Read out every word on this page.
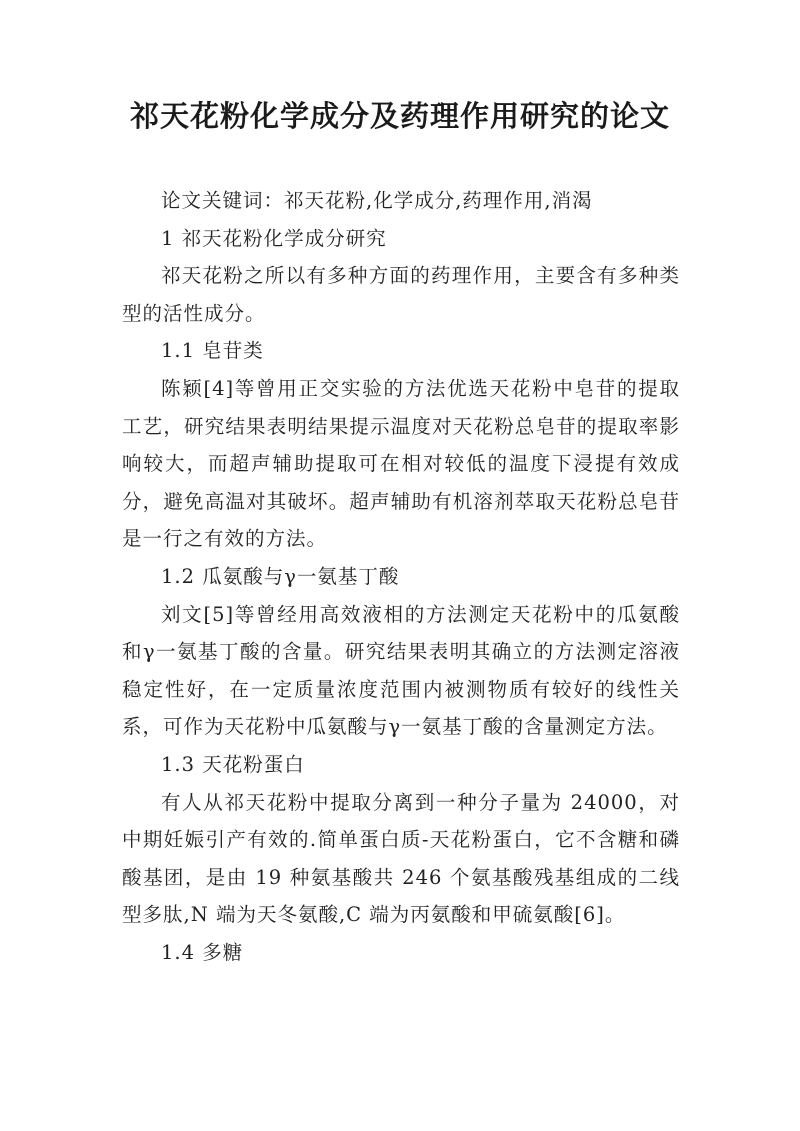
祁天花粉化学成分及药理作用研究的论文

论文关键词：祁天花粉,化学成分,药理作用,消渴

1 祁天花粉化学成分研究

祁天花粉之所以有多种方面的药理作用，主要含有多种类型的活性成分。

1.1 皂苷类

陈颖[4]等曾用正交实验的方法优选天花粉中皂苷的提取工艺，研究结果表明结果提示温度对天花粉总皂苷的提取率影响较大，而超声辅助提取可在相对较低的温度下浸提有效成分，避免高温对其破坏。超声辅助有机溶剂萃取天花粉总皂苷是一行之有效的方法。

1.2 瓜氨酸与γ一氨基丁酸

刘文[5]等曾经用高效液相的方法测定天花粉中的瓜氨酸和γ一氨基丁酸的含量。研究结果表明其确立的方法测定溶液稳定性好，在一定质量浓度范围内被测物质有较好的线性关系，可作为天花粉中瓜氨酸与γ一氨基丁酸的含量测定方法。

1.3 天花粉蛋白

有人从祁天花粉中提取分离到一种分子量为 24000，对中期妊娠引产有效的.简单蛋白质-天花粉蛋白，它不含糖和磷酸基团，是由 19 种氨基酸共 246 个氨基酸残基组成的二线型多肽,N 端为天冬氨酸,C 端为丙氨酸和甲硫氨酸[6]。

1.4 多糖
